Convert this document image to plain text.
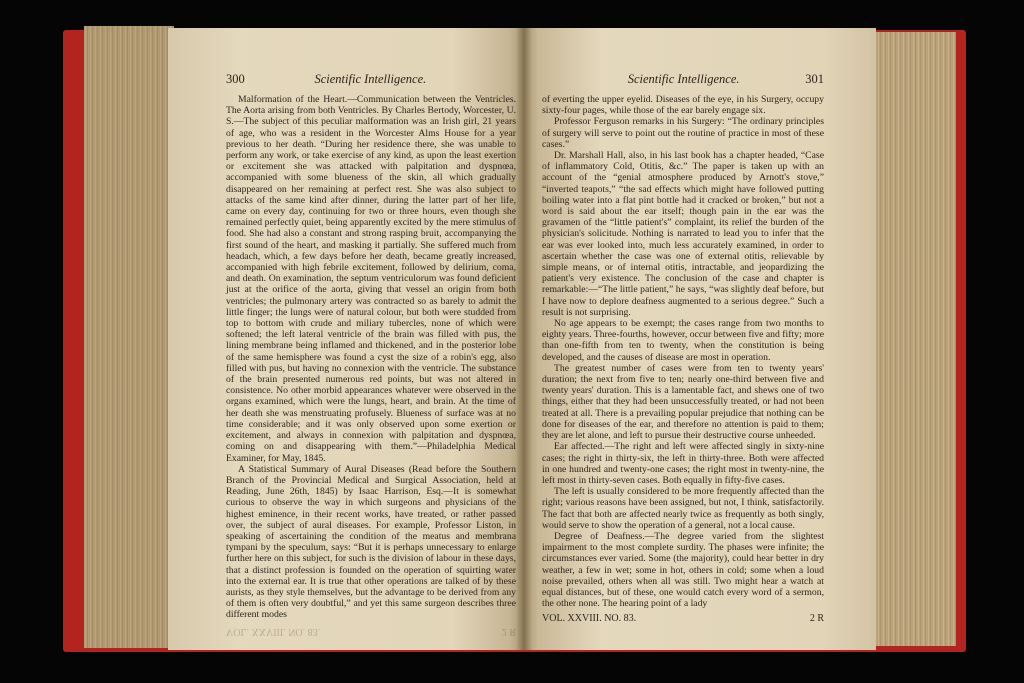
300	Scientific Intelligence.

Malformation of the Heart.—Communication between the Ventricles. The Aorta arising from both Ventricles. By Charles Bertody, Worcester, U. S.—The subject of this peculiar malformation was an Irish girl, 21 years of age, who was a resident in the Worcester Alms House for a year previous to her death. “During her residence there, she was unable to perform any work, or take exercise of any kind, as upon the least exertion or excitement she was attacked with palpitation and dyspnœa, accompanied with some blueness of the skin, all which gradually disappeared on her remaining at perfect rest. She was also subject to attacks of the same kind after dinner, during the latter part of her life, came on every day, continuing for two or three hours, even though she remained perfectly quiet, being apparently excited by the mere stimulus of food. She had also a constant and strong rasping bruit, accompanying the first sound of the heart, and masking it partially. She suffered much from headach, which, a few days before her death, became greatly increased, accompanied with high febrile excitement, followed by delirium, coma, and death. On examination, the septum ventriculorum was found deficient just at the orifice of the aorta, giving that vessel an origin from both ventricles; the pulmonary artery was contracted so as barely to admit the little finger; the lungs were of natural colour, but both were studded from top to bottom with crude and miliary tubercles, none of which were softened; the left lateral ventricle of the brain was filled with pus, the lining membrane being inflamed and thickened, and in the posterior lobe of the same hemisphere was found a cyst the size of a robin's egg, also filled with pus, but having no connexion with the ventricle. The substance of the brain presented numerous red points, but was not altered in consistence. No other morbid appearances whatever were observed in the organs examined, which were the lungs, heart, and brain. At the time of her death she was menstruating profusely. Blueness of surface was at no time considerable; and it was only observed upon some exertion or excitement, and always in connexion with palpitation and dyspnœa, coming on and disappearing with them.”—Philadelphia Medical Examiner, for May, 1845.

A Statistical Summary of Aural Diseases (Read before the Southern Branch of the Provincial Medical and Surgical Association, held at Reading, June 26th, 1845) by Isaac Harrison, Esq.—It is somewhat curious to observe the way in which surgeons and physicians of the highest eminence, in their recent works, have treated, or rather passed over, the subject of aural diseases. For example, Professor Liston, in speaking of ascertaining the condition of the meatus and membrana tympani by the speculum, says: “But it is perhaps unnecessary to enlarge further here on this subject, for such is the division of labour in these days, that a distinct profession is founded on the operation of squirting water into the external ear. It is true that other operations are talked of by these aurists, as they style themselves, but the advantage to be derived from any of them is often very doubtful,” and yet this same surgeon describes three different modes

VOL. XXVIII. NO. 83.	2 R
Scientific Intelligence.	301

of everting the upper eyelid. Diseases of the eye, in his Surgery, occupy sixty-four pages, while those of the ear barely engage six.

Professor Ferguson remarks in his Surgery: “The ordinary principles of surgery will serve to point out the routine of practice in most of these cases.”

Dr. Marshall Hall, also, in his last book has a chapter headed, “Case of inflammatory Cold, Otitis, &c.” The paper is taken up with an account of the “genial atmosphere produced by Arnott's stove,” “inverted teapots,” “the sad effects which might have followed putting boiling water into a flat pint bottle had it cracked or broken,” but not a word is said about the ear itself; though pain in the ear was the gravamen of the “little patient's” complaint, its relief the burden of the physician's solicitude. Nothing is narrated to lead you to infer that the ear was ever looked into, much less accurately examined, in order to ascertain whether the case was one of external otitis, relievable by simple means, or of internal otitis, intractable, and jeopardizing the patient's very existence. The conclusion of the case and chapter is remarkable:—“The little patient,” he says, “was slightly deaf before, but I have now to deplore deafness augmented to a serious degree.” Such a result is not surprising.

No age appears to be exempt; the cases range from two months to eighty years. Three-fourths, however, occur between five and fifty; more than one-fifth from ten to twenty, when the constitution is being developed, and the causes of disease are most in operation.

The greatest number of cases were from ten to twenty years' duration; the next from five to ten; nearly one-third between five and twenty years' duration. This is a lamentable fact, and shews one of two things, either that they had been unsuccessfully treated, or had not been treated at all. There is a prevailing popular prejudice that nothing can be done for diseases of the ear, and therefore no attention is paid to them; they are let alone, and left to pursue their destructive course unheeded.

Ear affected.—The right and left were affected singly in sixty-nine cases; the right in thirty-six, the left in thirty-three. Both were affected in one hundred and twenty-one cases; the right most in twenty-nine, the left most in thirty-seven cases. Both equally in fifty-five cases.

The left is usually considered to be more frequently affected than the right; various reasons have been assigned, but not, I think, satisfactorily. The fact that both are affected nearly twice as frequently as both singly, would serve to show the operation of a general, not a local cause.

Degree of Deafness.—The degree varied from the slightest impairment to the most complete surdity. The phases were infinite; the circumstances ever varied. Some (the majority), could hear better in dry weather, a few in wet; some in hot, others in cold; some when a loud noise prevailed, others when all was still. Two might hear a watch at equal distances, but of these, one would catch every word of a sermon, the other none. The hearing point of a lady

VOL. XXVIII. NO. 83.	2 R
